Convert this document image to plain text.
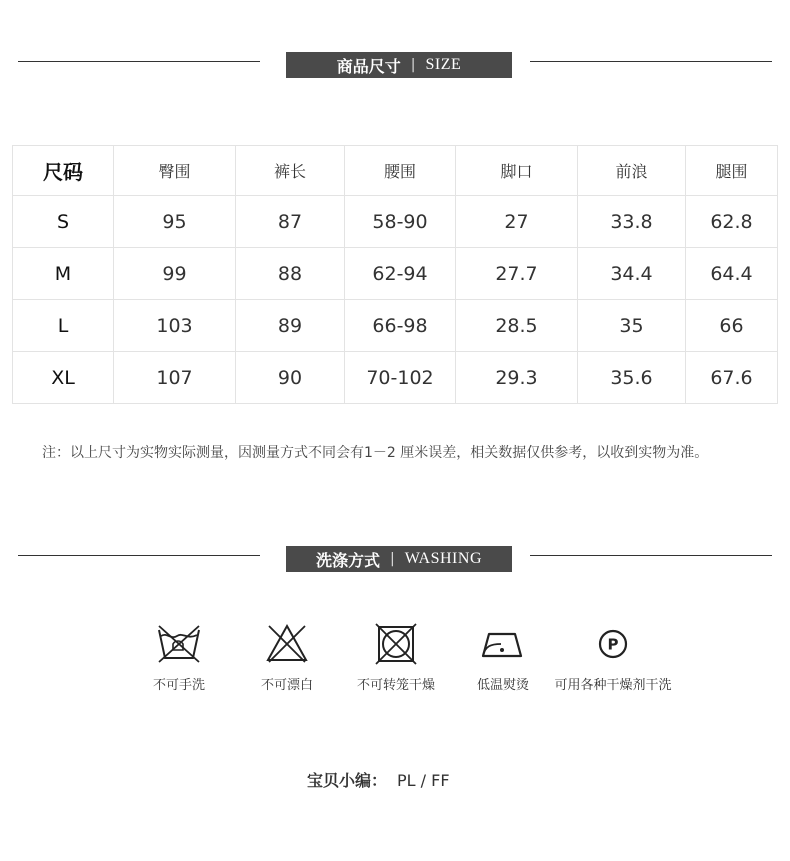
商品尺寸 | SIZE
尺码	臀围	裤长	腰围	脚口	前浪	腿围
S	95	87	58-90	27	33.8	62.8
M	99	88	62-94	27.7	34.4	64.4
L	103	89	66-98	28.5	35	66
XL	107	90	70-102	29.3	35.6	67.6
注：以上尺寸为实物实际测量，因测量方式不同会有1－2 厘米误差，相关数据仅供参考，以收到实物为准。
洗涤方式 | WASHING
不可手洗	不可漂白	不可转笼干燥	低温熨烫
P
可用各种干燥剂干洗
宝贝小编： PL / FF
